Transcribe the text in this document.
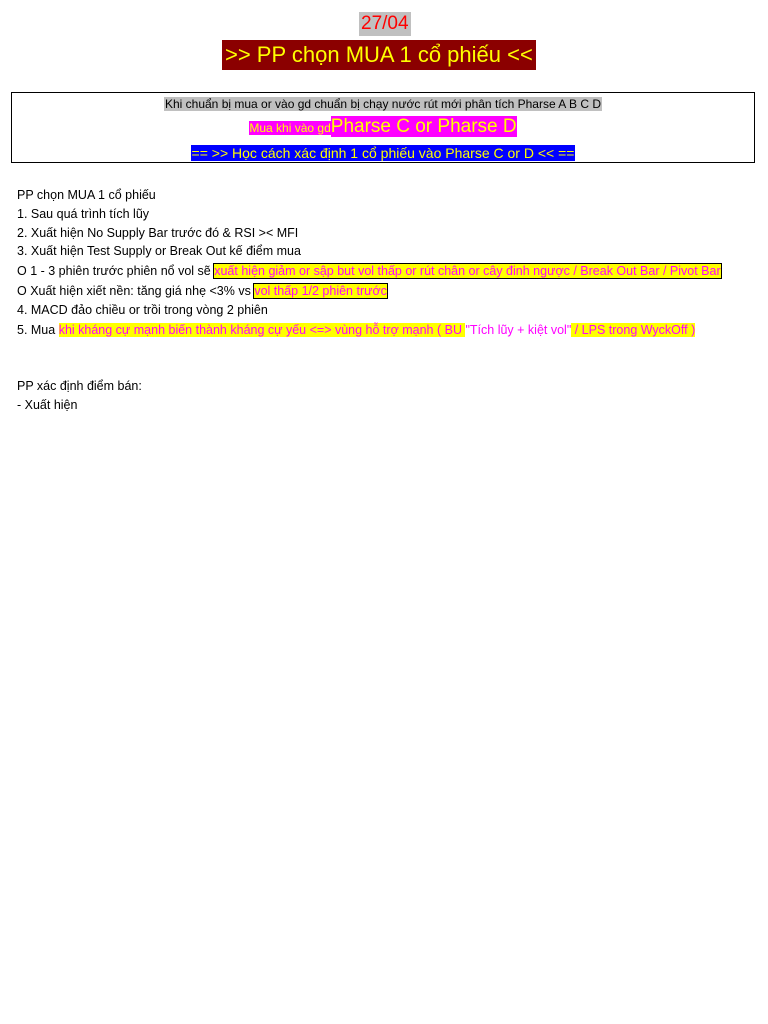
27/04
>> PP chọn MUA 1 cổ phiếu <<
Khi chuẩn bị mua or vào gd chuẩn bị chạy nước rút mới phân tích Pharse A B C D
Mua khi vào gdPharse C or Pharse D
== >> Học cách xác định 1 cổ phiếu vào Pharse C or D << ==
PP chọn MUA 1 cổ phiếu
1. Sau quá trình tích lũy
2. Xuất hiện No Supply Bar trước đó & RSI >< MFI
3. Xuất hiện Test Supply or Break Out kế điểm mua
O 1 - 3 phiên trước phiên nổ vol sẽ xuất hiện giảm or sập but vol thấp or rút chân or cây đinh ngược / Break Out Bar / Pivot Bar
O Xuất hiện xiết nền: tăng giá nhẹ <3% vs vol thấp 1/2 phiên trước
4. MACD đảo chiều or trồi trong vòng 2 phiên
5. Mua khi kháng cự mạnh biến thành kháng cự yếu <=> vùng hỗ trợ mạnh ( BU "Tích lũy + kiệt vol" / LPS trong WyckOff )
PP xác định điểm bán:
- Xuất hiện
